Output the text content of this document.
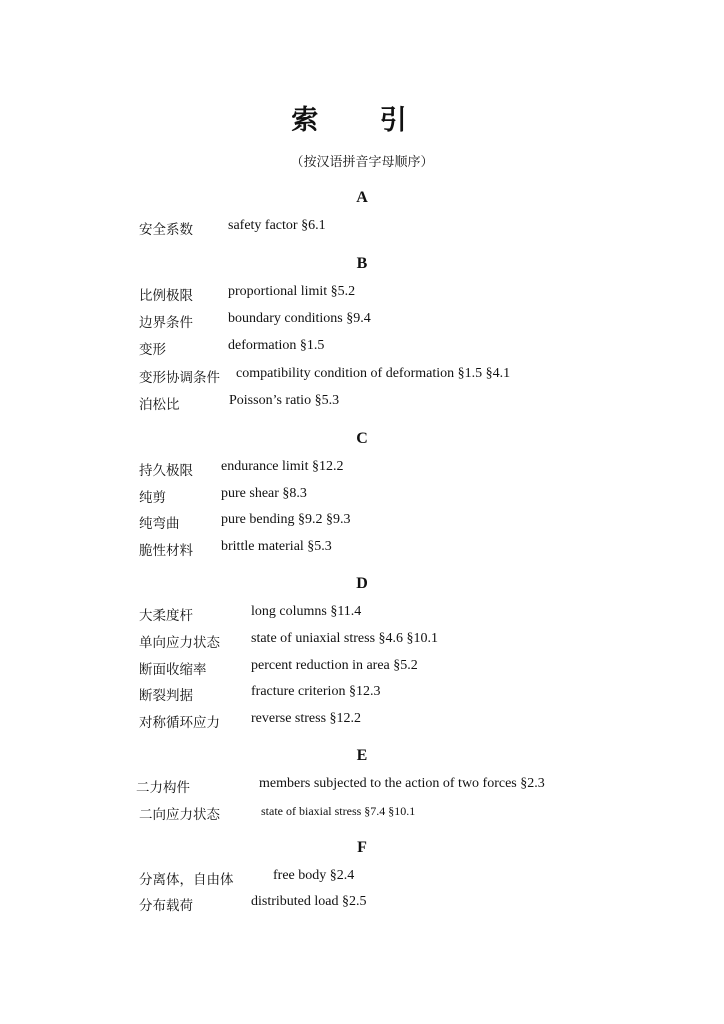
索 引
（按汉语拼音字母顺序）
A
安全系数	safety factor §6.1
B
比例极限	proportional limit §5.2
边界条件	boundary conditions §9.4
变形	deformation §1.5
变形协调条件 compatibility condition of deformation §1.5 §4.1
泊松比	Poisson’s ratio §5.3
C
持久极限 endurance limit §12.2
纯剪	pure shear §8.3
纯弯曲	pure bending §9.2 §9.3
脆性材料 brittle material §5.3
D
大柔度杆	long columns §11.4
单向应力状态 state of uniaxial stress §4.6 §10.1
断面收缩率	percent reduction in area §5.2
断裂判据	fracture criterion §12.3
对称循环应力 reverse stress §12.2
E
二力构件	members subjected to the action of two forces §2.3
二向应力状态	state of biaxial stress §7.4 §10.1
F
分离体，自由体	free body §2.4
分布载荷	distributed load §2.5
